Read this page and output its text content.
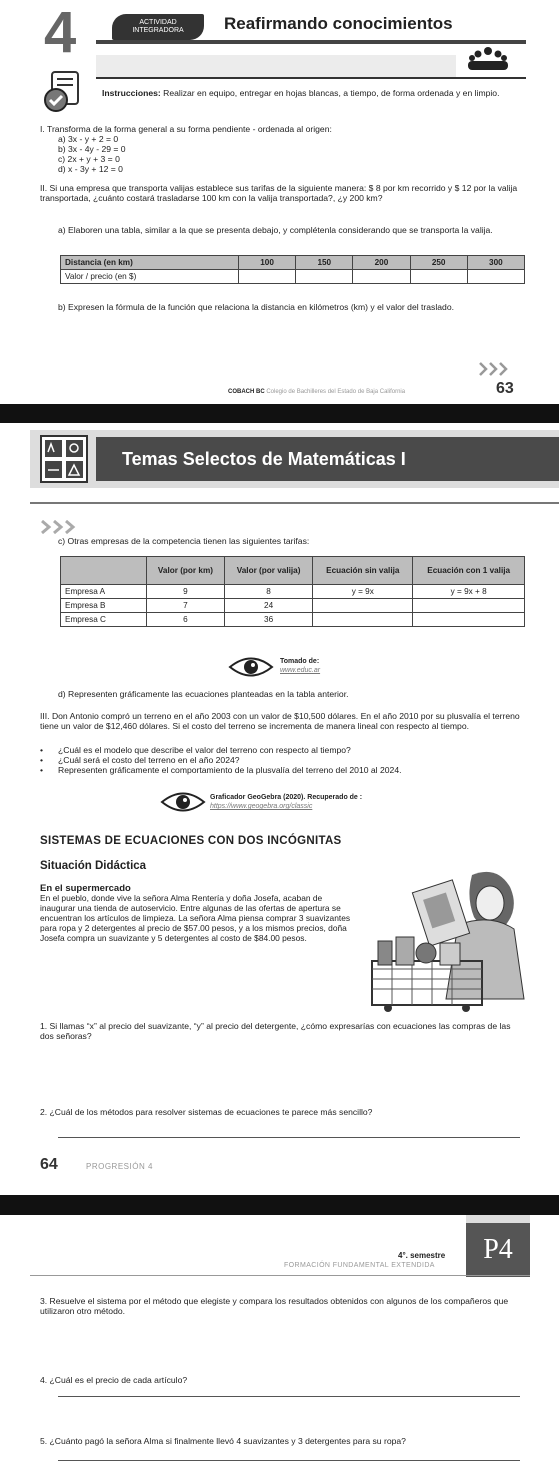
4	ACTIVIDAD
INTEGRADORA	Reafirmando conocimientos
Instrucciones: Realizar en equipo, entregar en hojas blancas, a tiempo, de forma ordenada y en limpio.
I. Transforma de la forma general a su forma pendiente - ordenada al origen:
a) 3x - y + 2 = 0
b) 3x - 4y - 29 = 0
c) 2x + y + 3 = 0
d) x - 3y + 12 = 0
II. Si una empresa que transporta valijas establece sus tarifas de la siguiente manera: $ 8 por km recorrido y $ 12 por la valija transportada, ¿cuánto costará trasladarse 100 km con la valija transportada?, ¿y 200 km?
a) Elaboren una tabla, similar a la que se presenta debajo, y complétenla considerando que se transporta la valija.
Distancia (en km)	100	150	200	250	300
Valor / precio (en $)					
b) Expresen la fórmula de la función que relaciona la distancia en kilómetros (km) y el valor del traslado.
COBACH BC Colegio de Bachilleres del Estado de Baja California	63
Temas Selectos de Matemáticas I
c) Otras empresas de la competencia tienen las siguientes tarifas:
	Valor (por km)	Valor (por valija)	Ecuación sin valija	Ecuación con 1 valija
Empresa A	9	8	y = 9x	y = 9x + 8
Empresa B	7	24		
Empresa C	6	36		
Tomado de:
www.educ.ar
d) Representen gráficamente las ecuaciones planteadas en la tabla anterior.
III. Don Antonio compró un terreno en el año 2003 con un valor de $10,500 dólares. En el año 2010 por su plusvalía el terreno tiene un valor de $12,460 dólares. Si el costo del terreno se incrementa de manera lineal con respecto al tiempo.
• ¿Cuál es el modelo que describe el valor del terreno con respecto al tiempo?
• ¿Cuál será el costo del terreno en el año 2024?
• Representen gráficamente el comportamiento de la plusvalía del terreno del 2010 al 2024.
Graficador GeoGebra (2020). Recuperado de :
https://www.geogebra.org/classic
SISTEMAS DE ECUACIONES CON DOS INCÓGNITAS
Situación Didáctica
En el supermercado
En el pueblo, donde vive la señora Alma Rentería y doña Josefa, acaban de inaugurar una tienda de autoservicio. Entre algunas de las ofertas de apertura se encuentran los artículos de limpieza. La señora Alma piensa comprar 3 suavizantes para ropa y 2 detergentes al precio de $57.00 pesos, y a los mismos precios, doña Josefa compra un suavizante y 5 detergentes al costo de $84.00 pesos.
1. Si llamas “x” al precio del suavizante, “y” al precio del detergente, ¿cómo expresarías con ecuaciones las compras de las dos señoras?
2. ¿Cuál de los métodos para resolver sistemas de ecuaciones te parece más sencillo?
64	PROGRESIÓN 4
4°. semestre
FORMACIÓN FUNDAMENTAL EXTENDIDA
P4
3. Resuelve el sistema por el método que elegiste y compara los resultados obtenidos con algunos de los compañeros que utilizaron otro método.
4. ¿Cuál es el precio de cada artículo?
5. ¿Cuánto pagó la señora Alma si finalmente llevó 4 suavizantes y 3 detergentes para su ropa?
